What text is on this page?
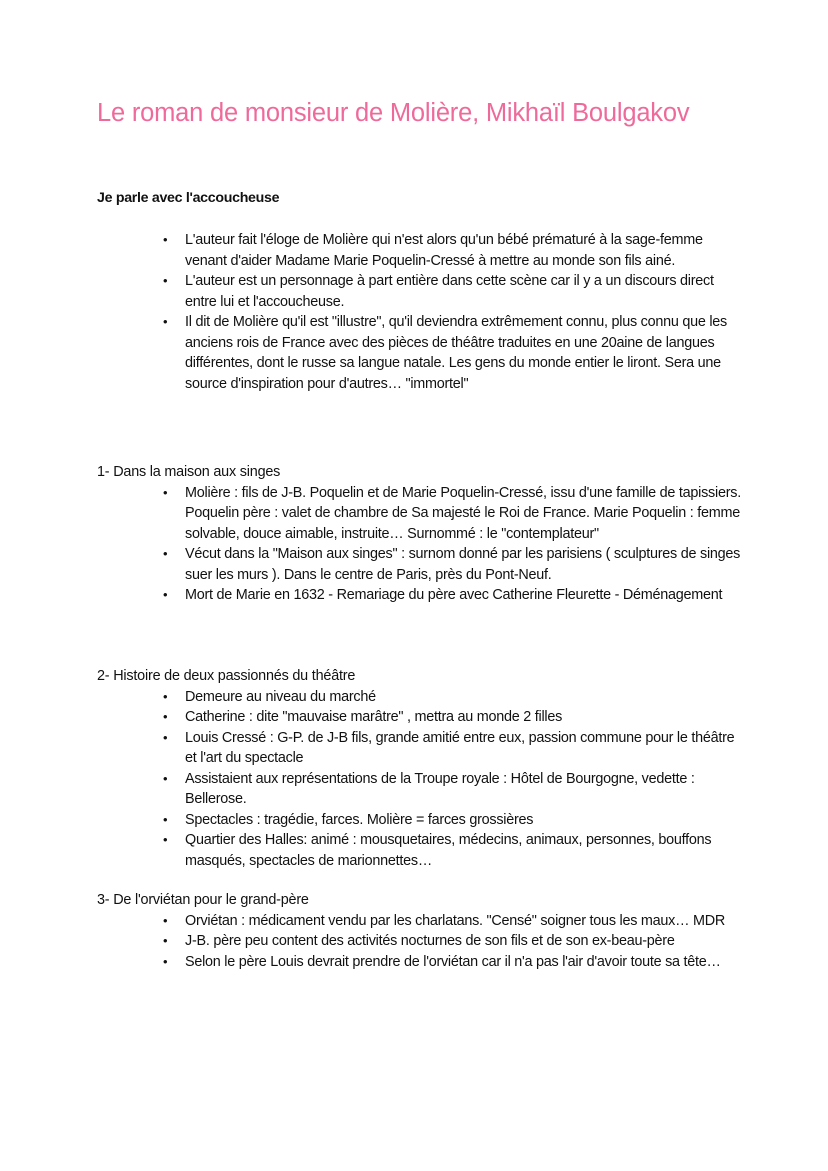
Le roman de monsieur de Molière, Mikhaïl Boulgakov
Je parle avec l'accoucheuse
• L'auteur fait l'éloge de Molière qui n'est alors qu'un bébé prématuré à la sage-femme venant d'aider Madame Marie Poquelin-Cressé à mettre au monde son fils ainé.
• L'auteur est un personnage à part entière dans cette scène car il y a un discours direct entre lui et l'accoucheuse.
• Il dit de Molière qu'il est "illustre", qu'il deviendra extrêmement connu, plus connu que les anciens rois de France avec des pièces de théâtre traduites en une 20aine de langues différentes, dont le russe sa langue natale. Les gens du monde entier le liront. Sera une source d'inspiration pour d'autres… "immortel"

1- Dans la maison aux singes

• Molière : fils de J-B. Poquelin et de Marie Poquelin-Cressé, issu d'une famille de tapissiers. Poquelin père : valet de chambre de Sa majesté le Roi de France. Marie Poquelin : femme solvable, douce aimable, instruite… Surnommé : le "contemplateur"
• Vécut dans la "Maison aux singes" : surnom donné par les parisiens ( sculptures de singes suer les murs ). Dans le centre de Paris, près du Pont-Neuf.
• Mort de Marie en 1632 - Remariage du père avec Catherine Fleurette - Déménagement

2- Histoire de deux passionnés du théâtre

• Demeure au niveau du marché
• Catherine : dite "mauvaise marâtre" , mettra au monde 2 filles
• Louis Cressé : G-P. de J-B fils, grande amitié entre eux, passion commune pour le théâtre et l'art du spectacle
• Assistaient aux représentations de la Troupe royale : Hôtel de Bourgogne, vedette : Bellerose.
• Spectacles : tragédie, farces. Molière = farces grossières
• Quartier des Halles: animé : mousquetaires, médecins, animaux, personnes, bouffons masqués, spectacles de marionnettes…

3- De l'orviétan pour le grand-père

• Orviétan : médicament vendu par les charlatans. "Censé" soigner tous les maux… MDR
• J-B. père peu content des activités nocturnes de son fils et de son ex-beau-père
• Selon le père Louis devrait prendre de l'orviétan car il n'a pas l'air d'avoir toute sa tête…
